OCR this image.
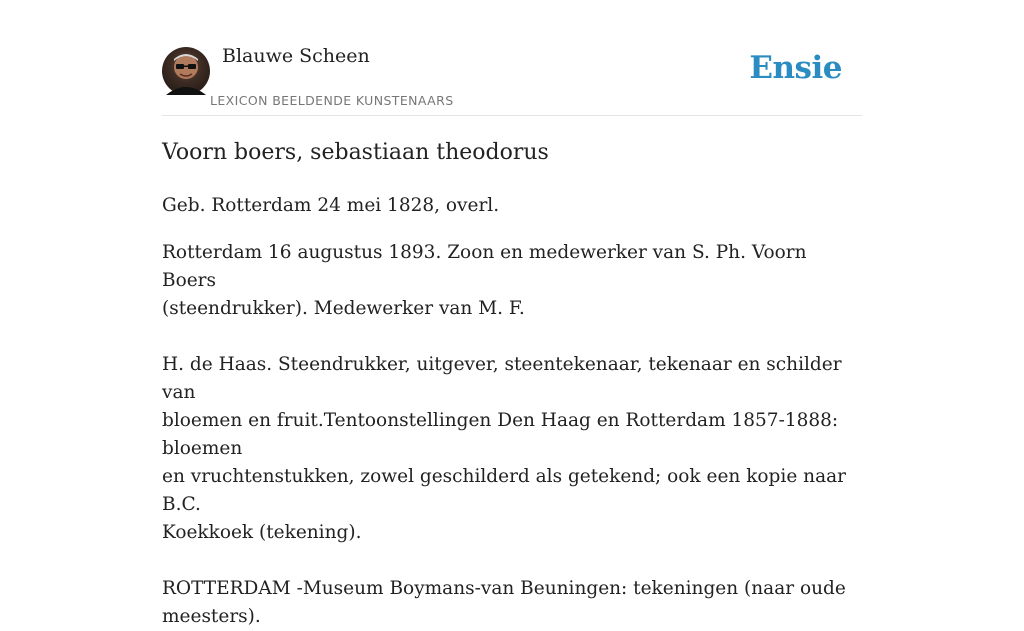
Blauwe Scheen
LEXICON BEELDENDE KUNSTENAARS
Ensie
Voorn boers, sebastiaan theodorus

Geb. Rotterdam 24 mei 1828, overl.

Rotterdam 16 augustus 1893. Zoon en medewerker van S. Ph. Voorn Boers
(steendrukker). Medewerker van M. F.

H. de Haas. Steendrukker, uitgever, steentekenaar, tekenaar en schilder van
bloemen en fruit.Tentoonstellingen Den Haag en Rotterdam 1857-1888: bloemen
en vruchtenstukken, zowel geschilderd als getekend; ook een kopie naar B.C.
Koekkoek (tekening).

ROTTERDAM -Museum Boymans-van Beuningen: tekeningen (naar oude
meesters).
